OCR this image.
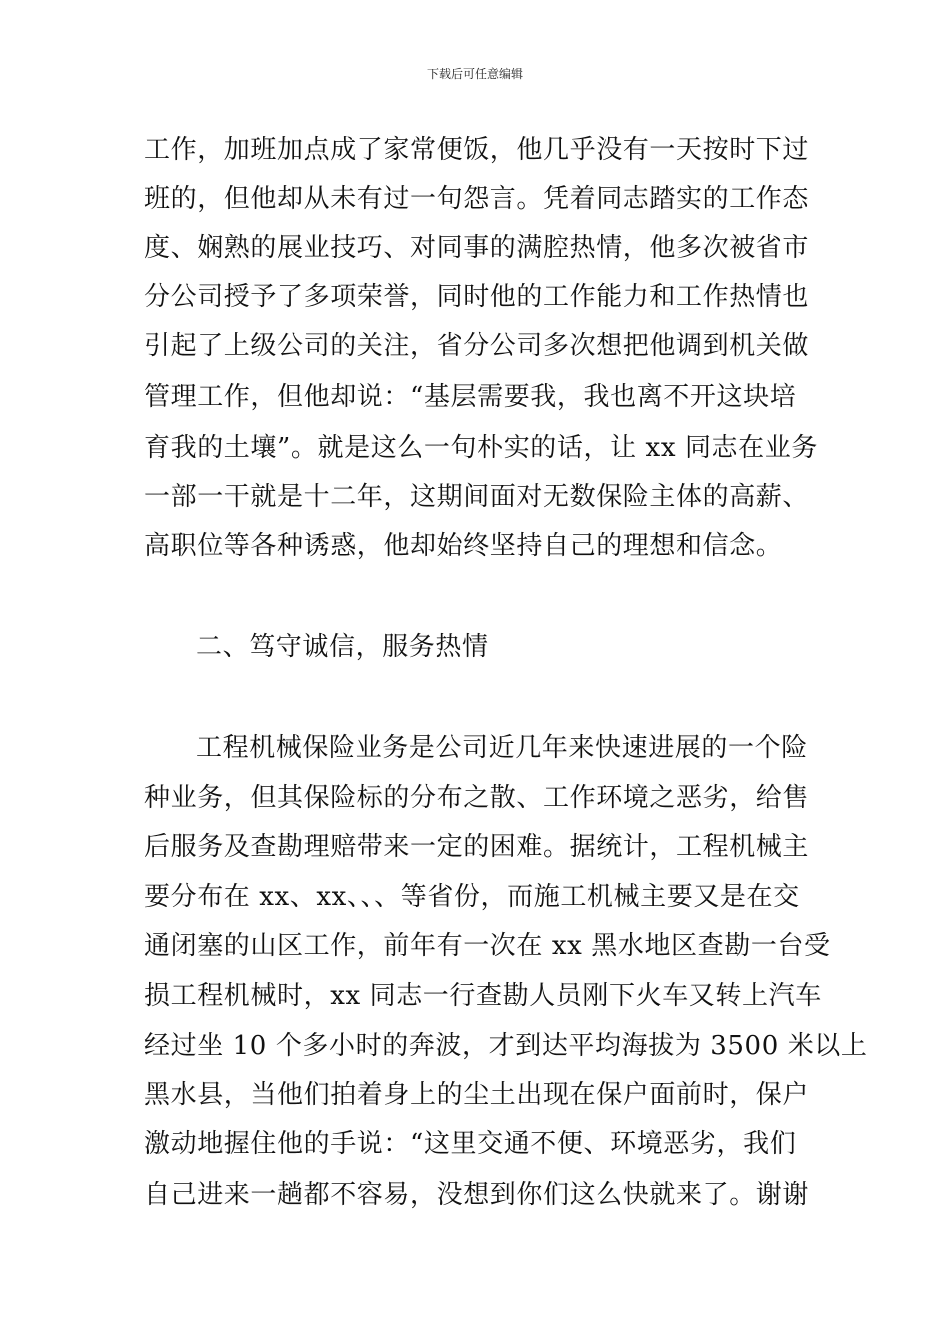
下载后可任意编辑
工作，加班加点成了家常便饭，他几乎没有一天按时下过
班的，但他却从未有过一句怨言。凭着同志踏实的工作态
度、娴熟的展业技巧、对同事的满腔热情，他多次被省市
分公司授予了多项荣誉，同时他的工作能力和工作热情也
引起了上级公司的关注，省分公司多次想把他调到机关做
管理工作，但他却说：“基层需要我，我也离不开这块培
育我的土壤”。就是这么一句朴实的话，让 xx 同志在业务
一部一干就是十二年，这期间面对无数保险主体的高薪、
高职位等各种诱惑，他却始终坚持自己的理想和信念。
二、笃守诚信，服务热情
工程机械保险业务是公司近几年来快速进展的一个险
种业务，但其保险标的分布之散、工作环境之恶劣，给售
后服务及查勘理赔带来一定的困难。据统计，工程机械主
要分布在 xx、xx、、、等省份，而施工机械主要又是在交
通闭塞的山区工作，前年有一次在 xx 黑水地区查勘一台受
损工程机械时，xx 同志一行查勘人员刚下火车又转上汽车
经过坐 10 个多小时的奔波，才到达平均海拔为 3500 米以上
黑水县，当他们拍着身上的尘土出现在保户面前时，保户
激动地握住他的手说：“这里交通不便、环境恶劣，我们
自己进来一趟都不容易，没想到你们这么快就来了。谢谢
